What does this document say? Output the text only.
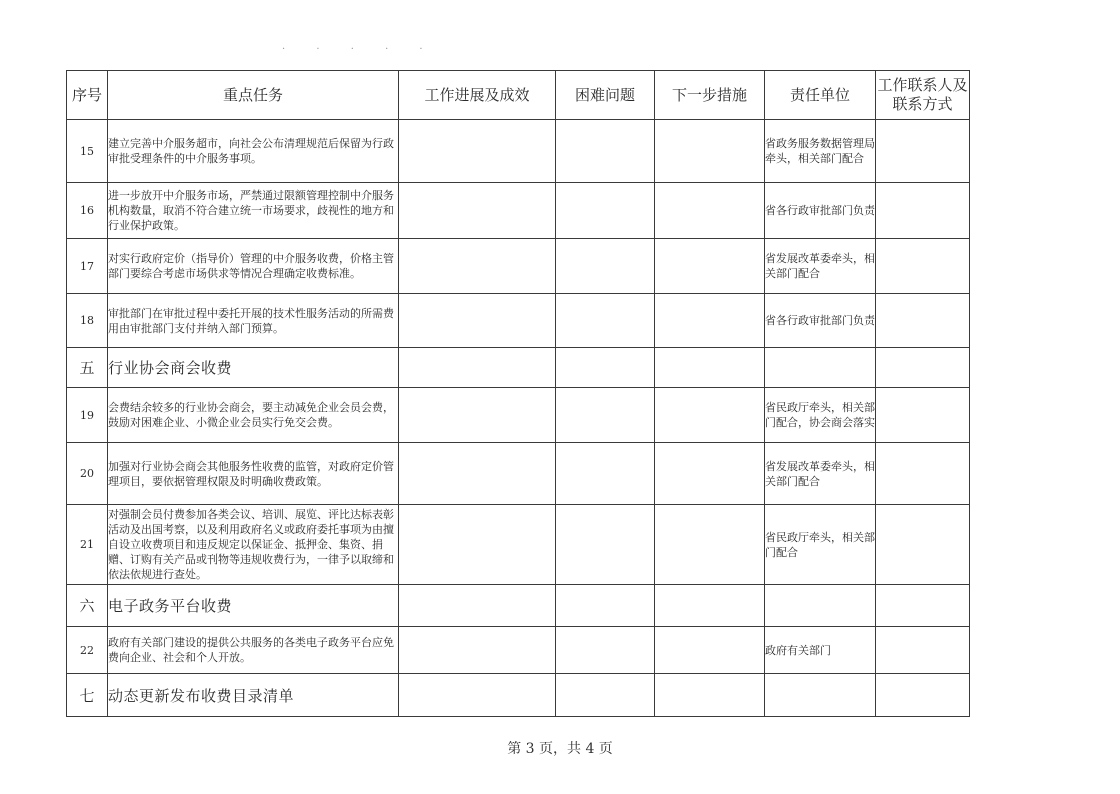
· · · · ·
序号	重点任务	工作进展及成效	困难问题	下一步措施	责任单位	工作联系人及联系方式
15	建立完善中介服务超市，向社会公布清理规范后保留为行政审批受理条件的中介服务事项。				省政务服务数据管理局牵头，相关部门配合	
16	进一步放开中介服务市场，严禁通过限额管理控制中介服务机构数量，取消不符合建立统一市场要求，歧视性的地方和行业保护政策。				省各行政审批部门负责	
17	对实行政府定价（指导价）管理的中介服务收费，价格主管部门要综合考虑市场供求等情况合理确定收费标准。				省发展改革委牵头，相关部门配合	
18	审批部门在审批过程中委托开展的技术性服务活动的所需费用由审批部门支付并纳入部门预算。				省各行政审批部门负责	
五	行业协会商会收费					
19	会费结余较多的行业协会商会，要主动减免企业会员会费，鼓励对困难企业、小微企业会员实行免交会费。				省民政厅牵头，相关部门配合，协会商会落实	
20	加强对行业协会商会其他服务性收费的监管，对政府定价管理项目，要依据管理权限及时明确收费政策。				省发展改革委牵头，相关部门配合	
21	对强制会员付费参加各类会议、培训、展览、评比达标表彰活动及出国考察，以及利用政府名义或政府委托事项为由擅自设立收费项目和违反规定以保证金、抵押金、集资、捐赠、订购有关产品或刊物等违规收费行为，一律予以取缔和依法依规进行查处。				省民政厅牵头，相关部门配合	
六	电子政务平台收费					
22	政府有关部门建设的提供公共服务的各类电子政务平台应免费向企业、社会和个人开放。				政府有关部门	
七	动态更新发布收费目录清单					
第 3 页，共 4 页
